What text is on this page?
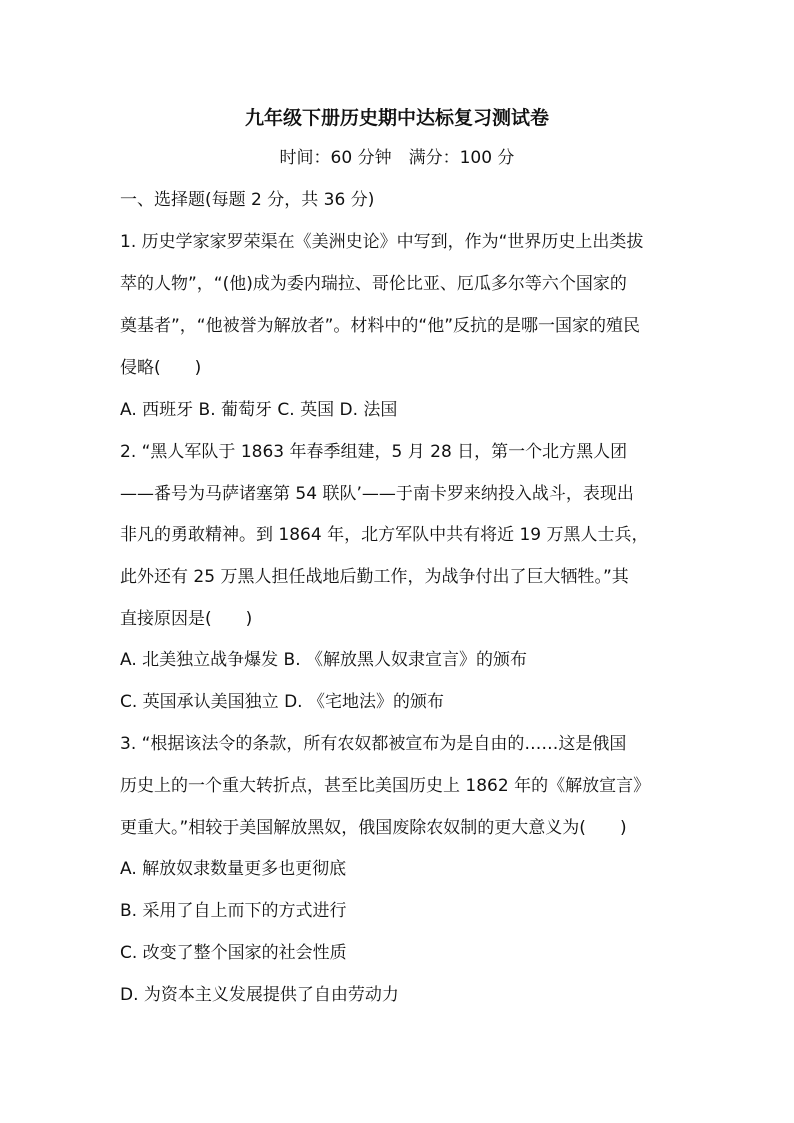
九年级下册历史期中达标复习测试卷
时间：60 分钟　满分：100 分
一、选择题(每题 2 分，共 36 分)
1. 历史学家家罗荣渠在《美洲史论》中写到，作为“世界历史上出类拔
萃的人物”，“(他)成为委内瑞拉、哥伦比亚、厄瓜多尔等六个国家的
奠基者”，“他被誉为解放者”。材料中的“他”反抗的是哪一国家的殖民
侵略(　　)
A. 西班牙 B. 葡萄牙 C. 英国 D. 法国
2. “黑人军队于 1863 年春季组建，5 月 28 日，第一个北方黑人团
——番号为马萨诸塞第 54 联队’——于南卡罗来纳投入战斗，表现出
非凡的勇敢精神。到 1864 年，北方军队中共有将近 19 万黑人士兵，
此外还有 25 万黑人担任战地后勤工作，为战争付出了巨大牺牲。”其
直接原因是(　　)
A. 北美独立战争爆发 B. 《解放黑人奴隶宣言》的颁布
C. 英国承认美国独立 D. 《宅地法》的颁布
3. “根据该法令的条款，所有农奴都被宣布为是自由的……这是俄国
历史上的一个重大转折点，甚至比美国历史上 1862 年的《解放宣言》
更重大。”相较于美国解放黑奴，俄国废除农奴制的更大意义为(　　)
A. 解放奴隶数量更多也更彻底
B. 采用了自上而下的方式进行
C. 改变了整个国家的社会性质
D. 为资本主义发展提供了自由劳动力
